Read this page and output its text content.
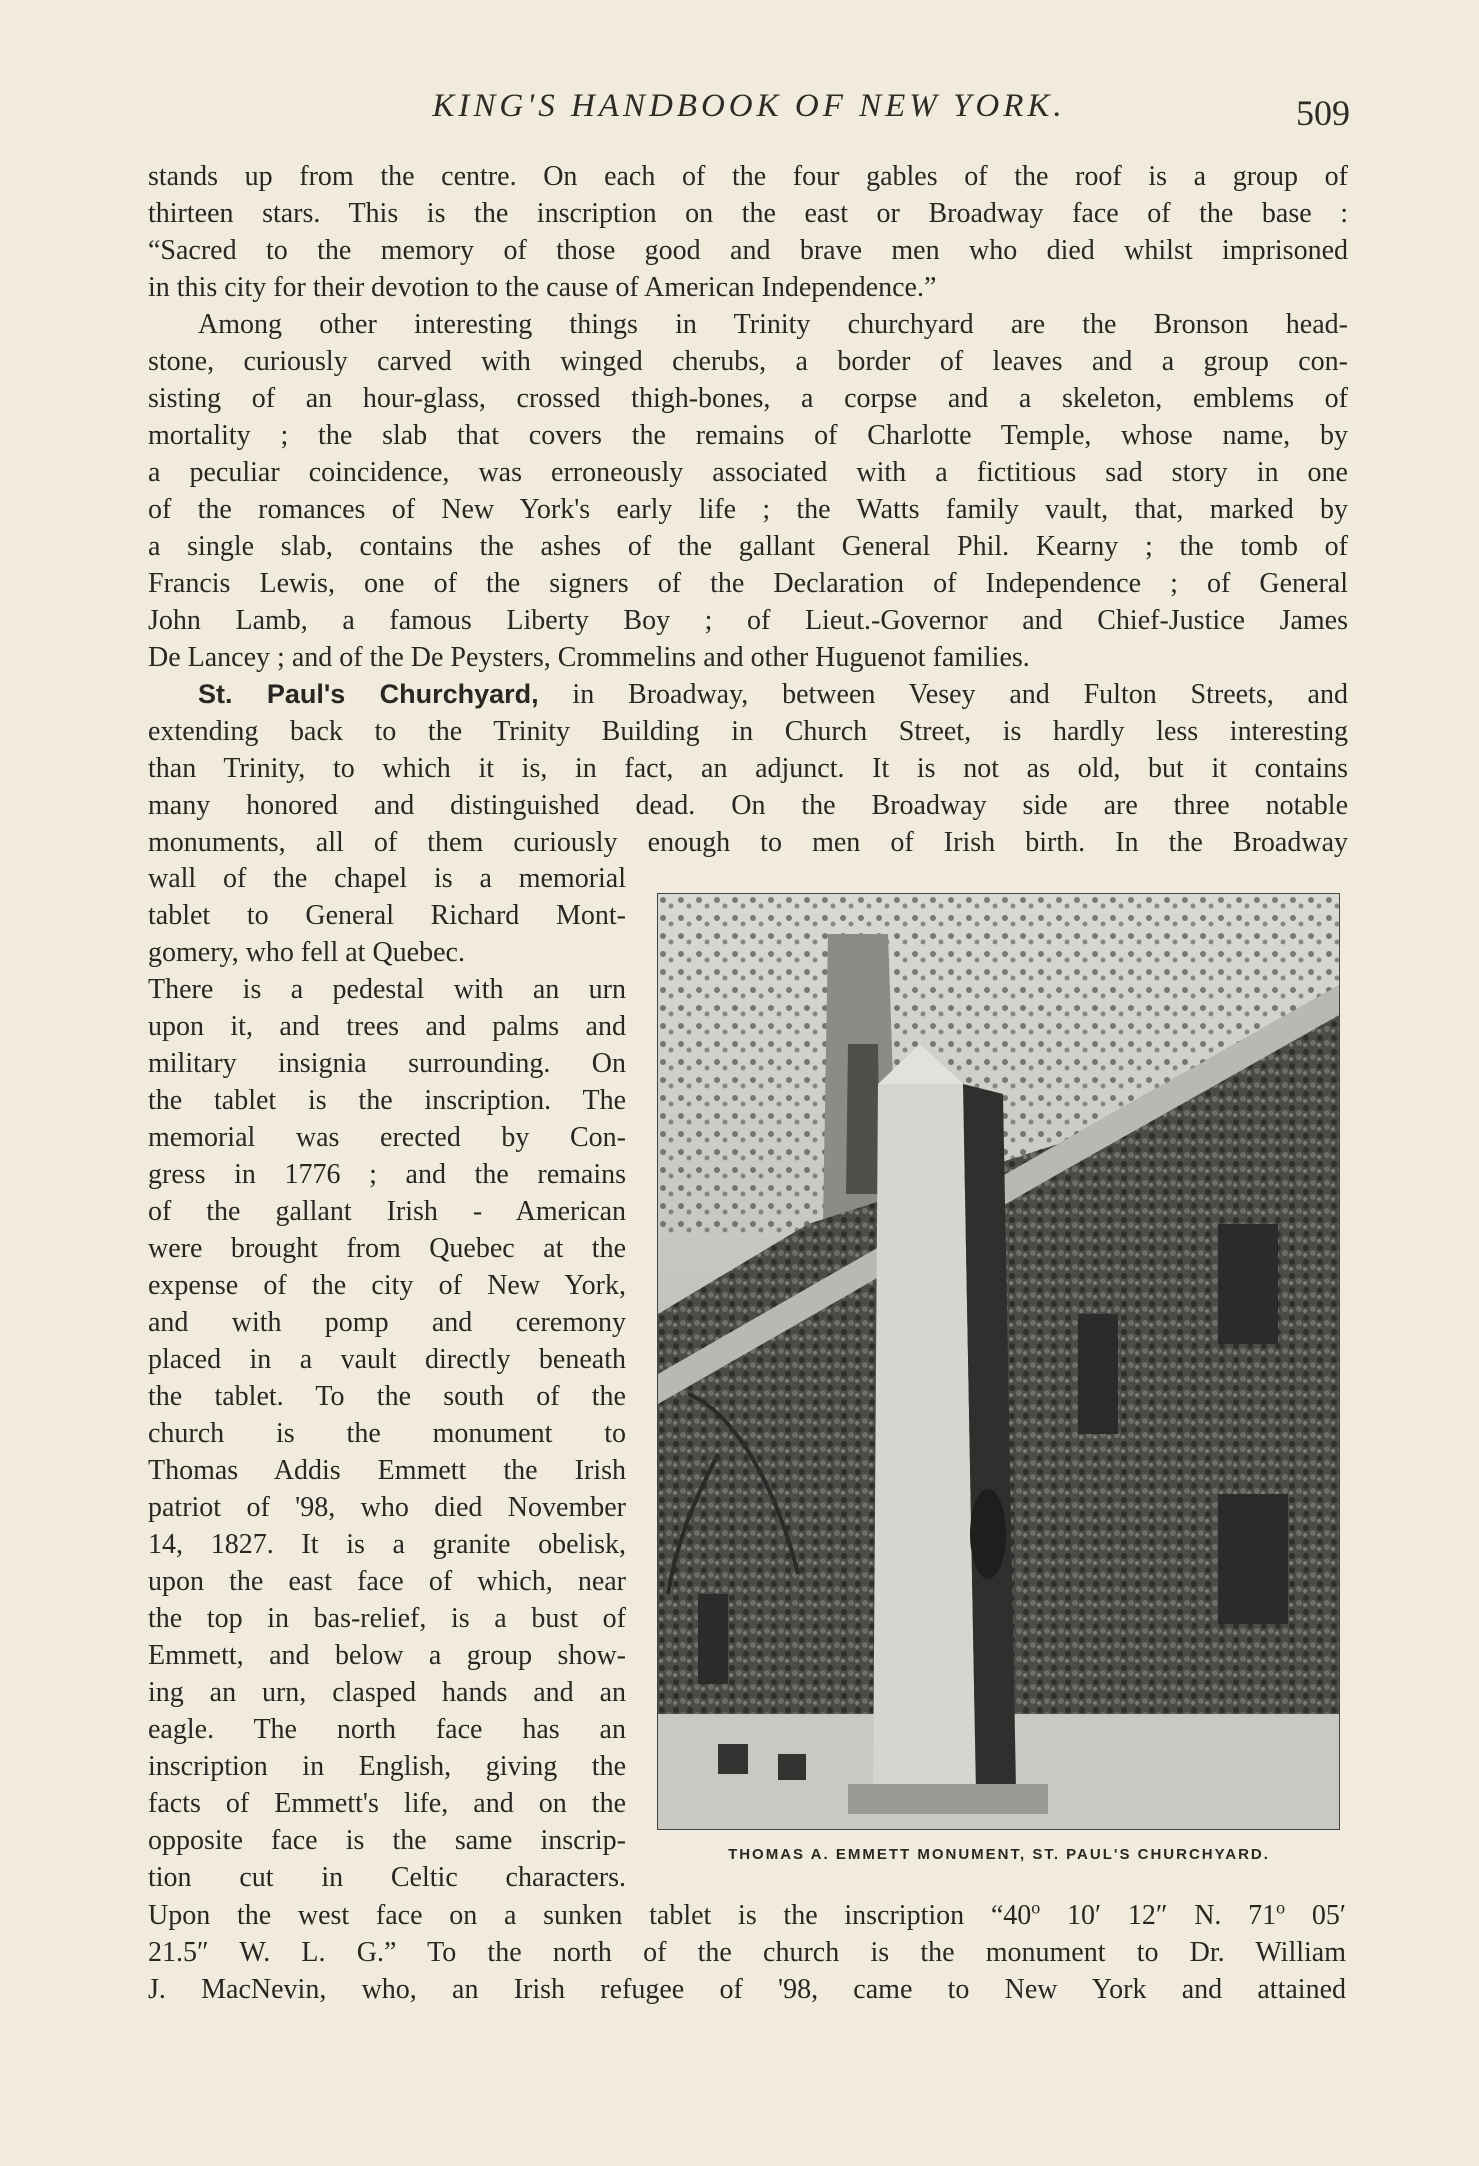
KING'S HANDBOOK OF NEW YORK.	509
stands up from the centre. On each of the four gables of the roof is a group of
thirteen stars. This is the inscription on the east or Broadway face of the base :
“Sacred to the memory of those good and brave men who died whilst imprisoned
in this city for their devotion to the cause of American Independence.”
Among other interesting things in Trinity churchyard are the Bronson head-
stone, curiously carved with winged cherubs, a border of leaves and a group con-
sisting of an hour-glass, crossed thigh-bones, a corpse and a skeleton, emblems of
mortality ; the slab that covers the remains of Charlotte Temple, whose name, by
a peculiar coincidence, was erroneously associated with a fictitious sad story in one
of the romances of New York's early life ; the Watts family vault, that, marked by
a single slab, contains the ashes of the gallant General Phil. Kearny ; the tomb of
Francis Lewis, one of the signers of the Declaration of Independence ; of General
John Lamb, a famous Liberty Boy ; of Lieut.-Governor and Chief-Justice James
De Lancey ; and of the De Peysters, Crommelins and other Huguenot families.
St. Paul's Churchyard, in Broadway, between Vesey and Fulton Streets, and
extending back to the Trinity Building in Church Street, is hardly less interesting
than Trinity, to which it is, in fact, an adjunct. It is not as old, but it contains
many honored and distinguished dead. On the Broadway side are three notable
monuments, all of them curiously enough to men of Irish birth. In the Broadway
wall of the chapel is a memorial
tablet to General Richard Mont-
gomery, who fell at Quebec.
There is a pedestal with an urn
upon it, and trees and palms and
military insignia surrounding. On
the tablet is the inscription. The
memorial was erected by Con-
gress in 1776 ; and the remains
of the gallant Irish - American
were brought from Quebec at the
expense of the city of New York,
and with pomp and ceremony
placed in a vault directly beneath
the tablet. To the south of the
church is the monument to
Thomas Addis Emmett the Irish
patriot of '98, who died November
14, 1827. It is a granite obelisk,
upon the east face of which, near
the top in bas-relief, is a bust of
Emmett, and below a group show-
ing an urn, clasped hands and an
eagle. The north face has an
inscription in English, giving the
facts of Emmett's life, and on the
opposite face is the same inscrip-
tion cut in Celtic characters.
THOMAS A. EMMETT MONUMENT, ST. PAUL'S CHURCHYARD.
Upon the west face on a sunken tablet is the inscription “40$^o$ 10′ 12″ N. 71$^o$ 05′
21.5″ W. L. G.” To the north of the church is the monument to Dr. William
J. MacNevin, who, an Irish refugee of '98, came to New York and attained
